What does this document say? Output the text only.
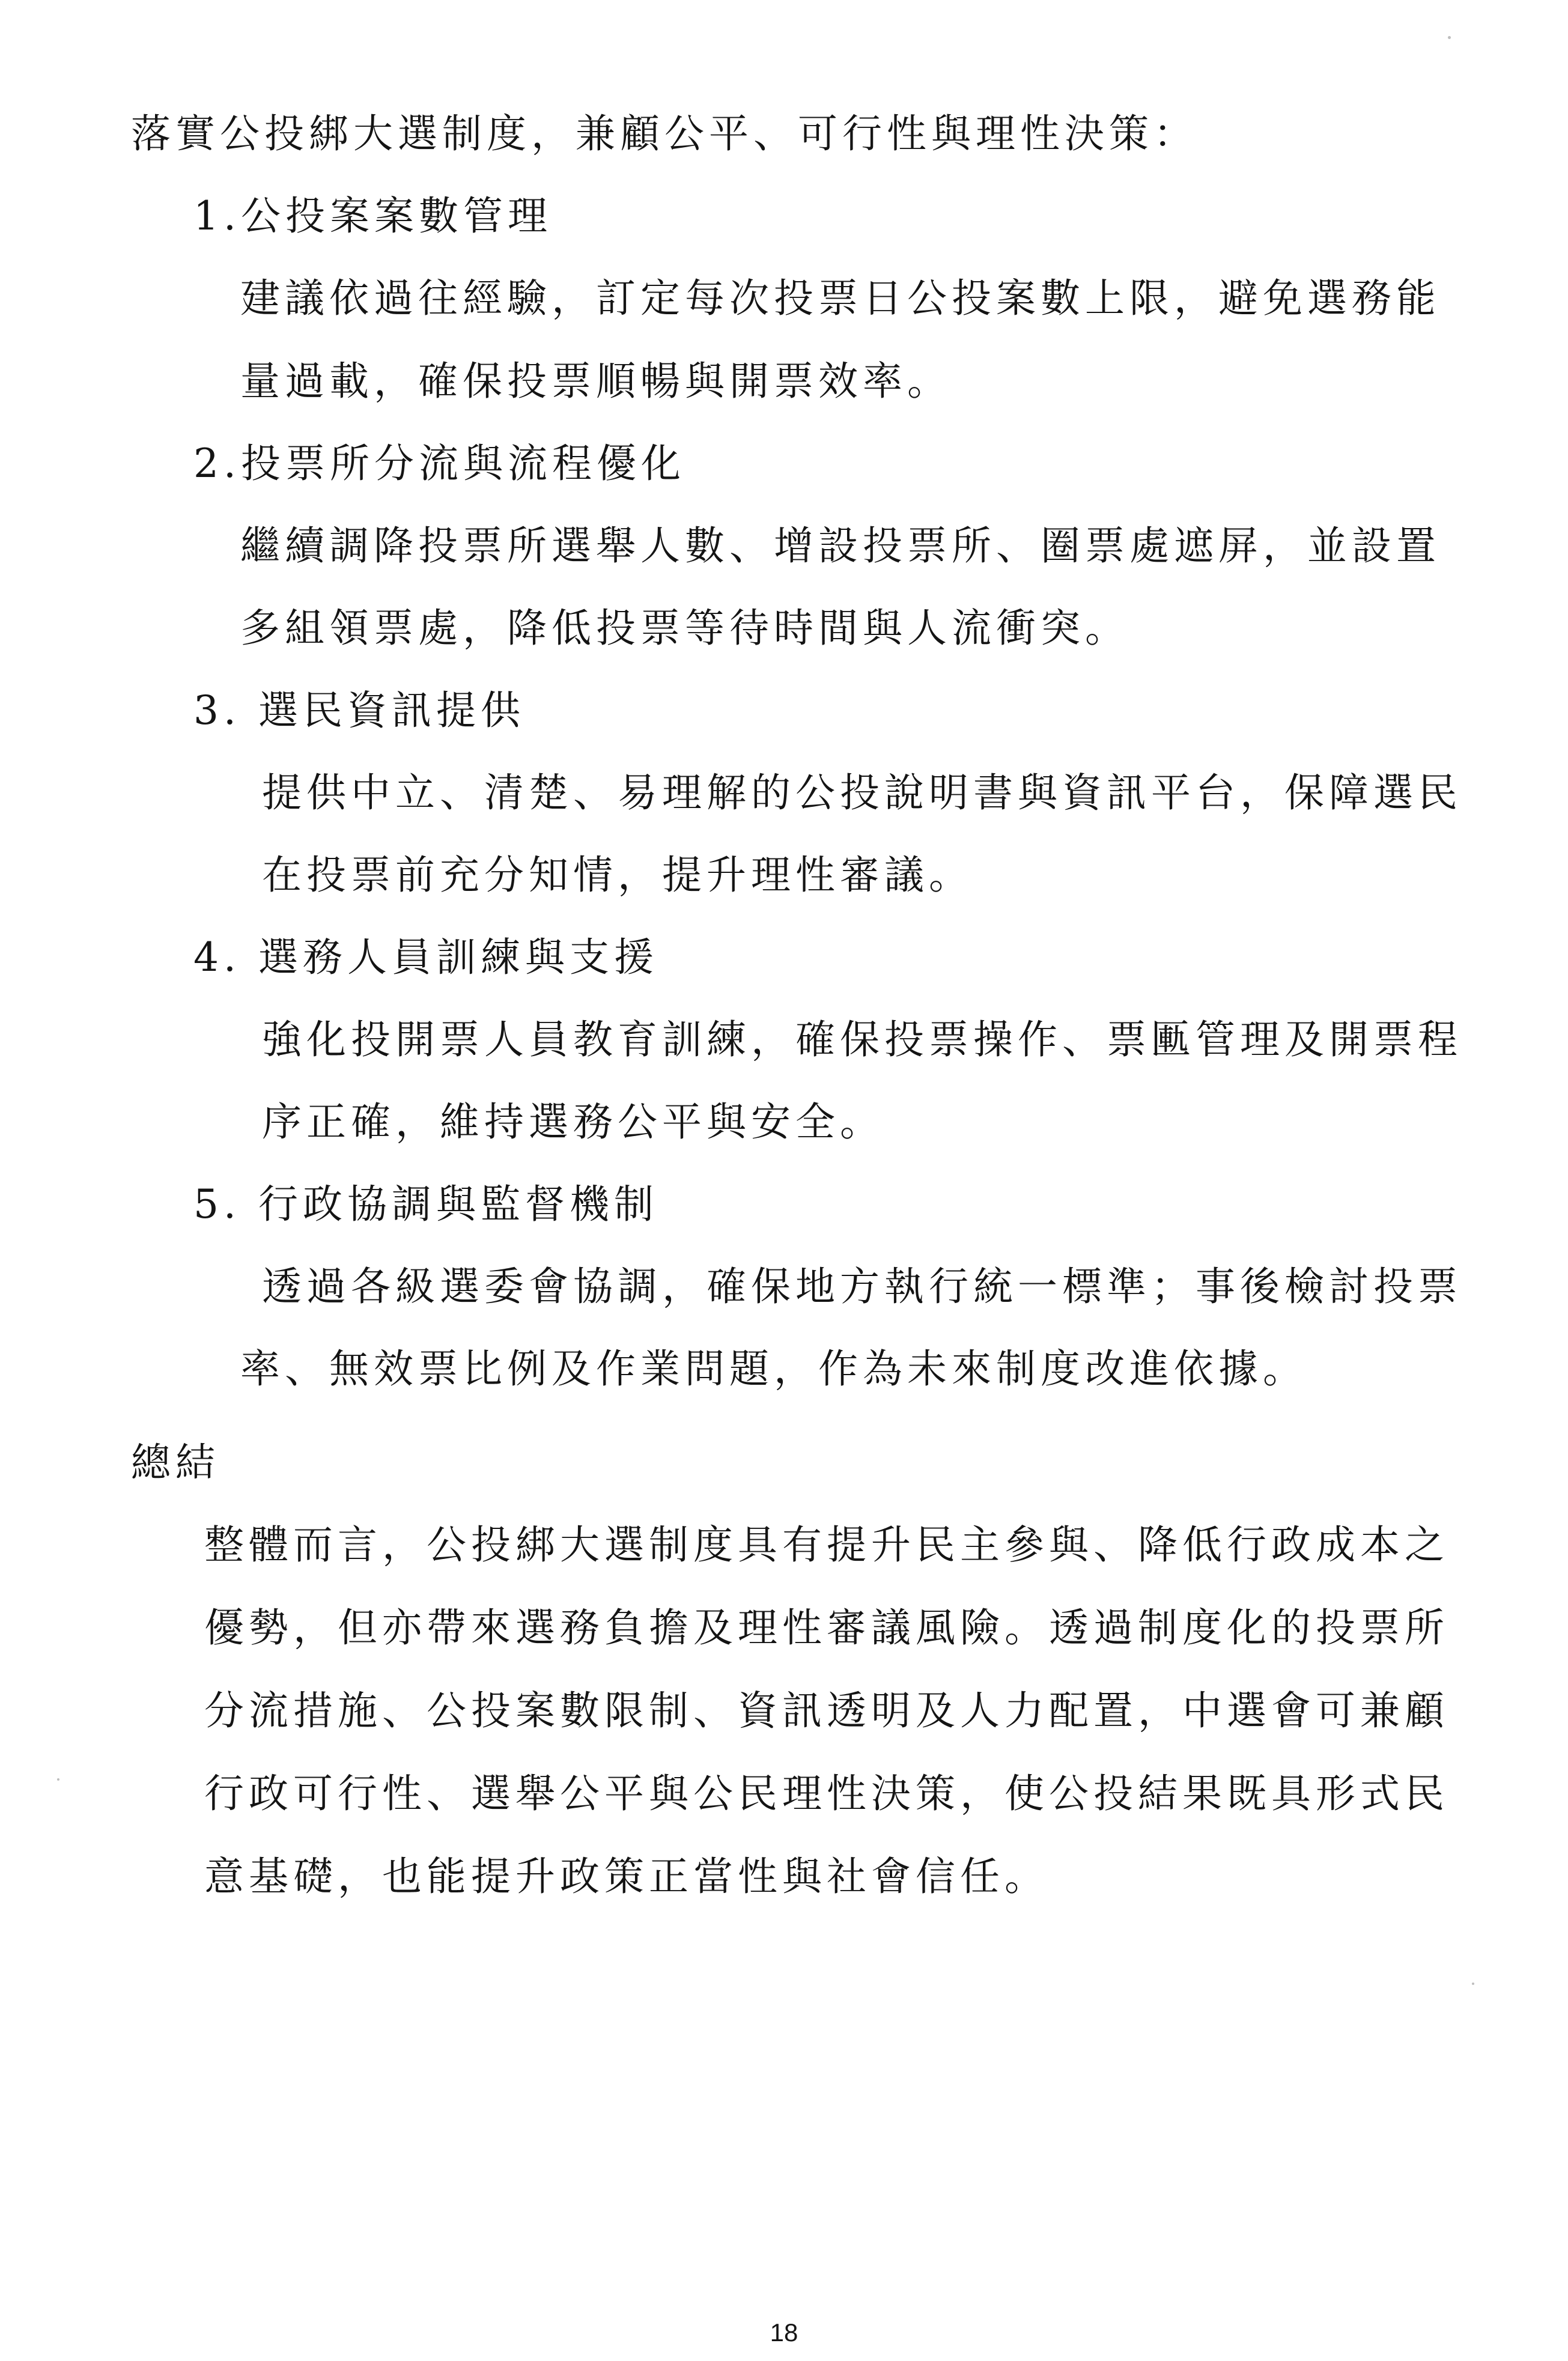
落實公投綁大選制度，兼顧公平、可行性與理性決策：
1.公投案案數管理
建議依過往經驗，訂定每次投票日公投案數上限，避免選務能
量過載，確保投票順暢與開票效率。
2.投票所分流與流程優化
繼續調降投票所選舉人數、增設投票所、圈票處遮屏，並設置
多組領票處，降低投票等待時間與人流衝突。
3. 選民資訊提供
提供中立、清楚、易理解的公投說明書與資訊平台，保障選民
在投票前充分知情，提升理性審議。
4. 選務人員訓練與支援
強化投開票人員教育訓練，確保投票操作、票匭管理及開票程
序正確，維持選務公平與安全。
5. 行政協調與監督機制
透過各級選委會協調，確保地方執行統一標準；事後檢討投票
率、無效票比例及作業問題，作為未來制度改進依據。
總結
整體而言，公投綁大選制度具有提升民主參與、降低行政成本之
優勢，但亦帶來選務負擔及理性審議風險。透過制度化的投票所
分流措施、公投案數限制、資訊透明及人力配置，中選會可兼顧
行政可行性、選舉公平與公民理性決策，使公投結果既具形式民
意基礎，也能提升政策正當性與社會信任。
18
